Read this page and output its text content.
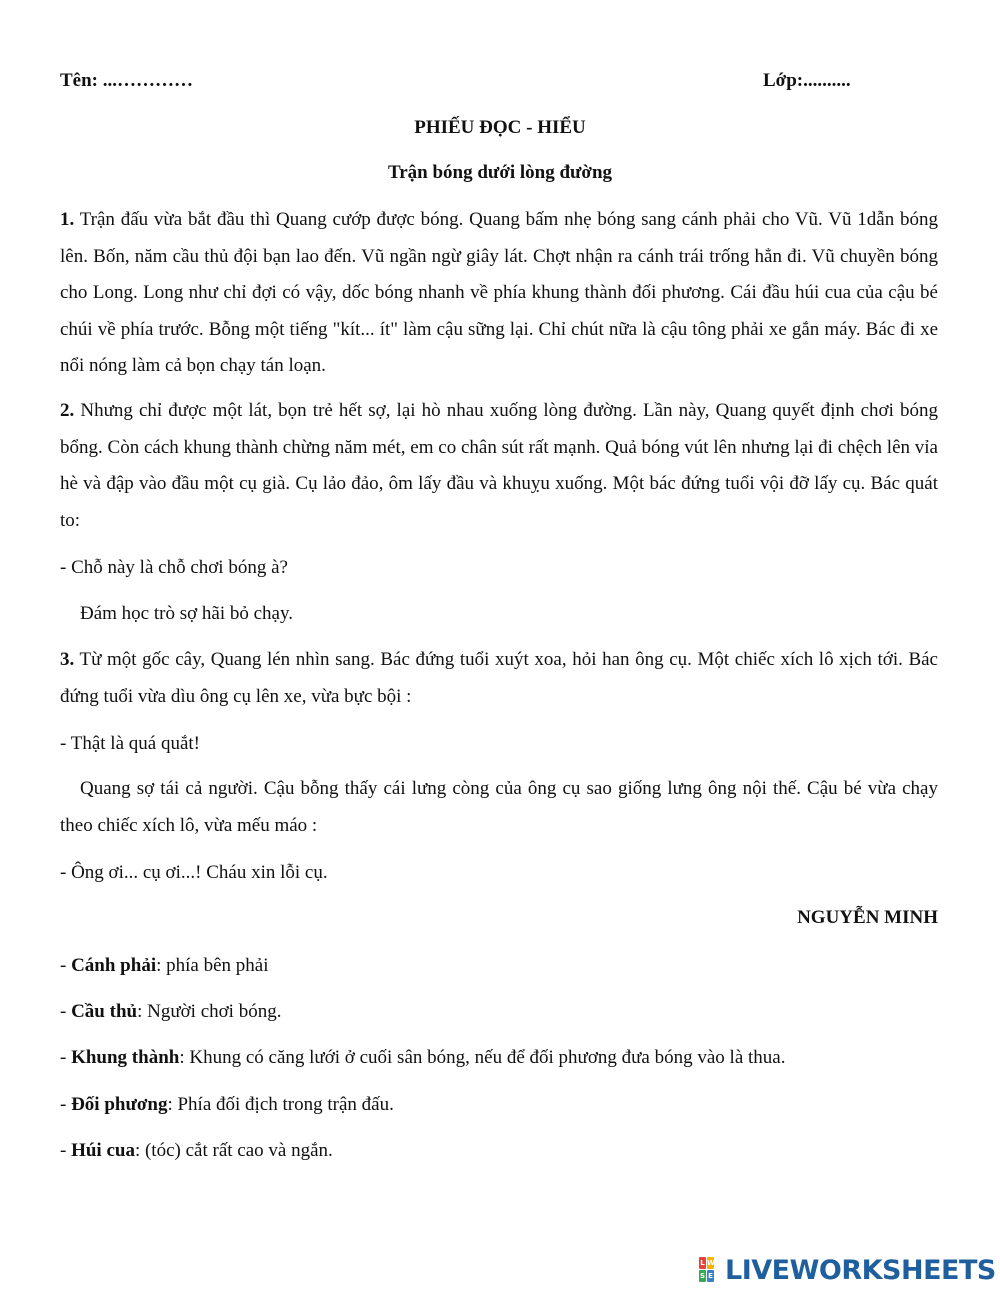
Tên: ...…………	Lớp:..........
PHIẾU ĐỌC - HIỂU
Trận bóng dưới lòng đường
1. Trận đấu vừa bắt đầu thì Quang cướp được bóng. Quang bấm nhẹ bóng sang cánh phải cho Vũ. Vũ 1dẫn bóng lên. Bốn, năm cầu thủ đội bạn lao đến. Vũ ngần ngừ giây lát. Chợt nhận ra cánh trái trống hẳn đi. Vũ chuyền bóng cho Long. Long như chỉ đợi có vậy, dốc bóng nhanh về phía khung thành đối phương. Cái đầu húi cua của cậu bé chúi về phía trước. Bỗng một tiếng "kít... ít" làm cậu sững lại. Chỉ chút nữa là cậu tông phải xe gắn máy. Bác đi xe nổi nóng làm cả bọn chạy tán loạn.
2. Nhưng chỉ được một lát, bọn trẻ hết sợ, lại hò nhau xuống lòng đường. Lần này, Quang quyết định chơi bóng bổng. Còn cách khung thành chừng năm mét, em co chân sút rất mạnh. Quả bóng vút lên nhưng lại đi chệch lên vỉa hè và đập vào đầu một cụ già. Cụ lảo đảo, ôm lấy đầu và khuỵu xuống. Một bác đứng tuổi vội đỡ lấy cụ. Bác quát to:
- Chỗ này là chỗ chơi bóng à?
Đám học trò sợ hãi bỏ chạy.
3. Từ một gốc cây, Quang lén nhìn sang. Bác đứng tuổi xuýt xoa, hỏi han ông cụ. Một chiếc xích lô xịch tới. Bác đứng tuổi vừa dìu ông cụ lên xe, vừa bực bội :
- Thật là quá quắt!
Quang sợ tái cả người. Cậu bỗng thấy cái lưng còng của ông cụ sao giống lưng ông nội thế. Cậu bé vừa chạy theo chiếc xích lô, vừa mếu máo :
- Ông ơi... cụ ơi...! Cháu xin lỗi cụ.
NGUYỄN MINH
- Cánh phải: phía bên phải
- Cầu thủ: Người chơi bóng.
- Khung thành: Khung có căng lưới ở cuối sân bóng, nếu để đối phương đưa bóng vào là thua.
- Đối phương: Phía đối địch trong trận đấu.
- Húi cua: (tóc) cắt rất cao và ngắn.
L W
S E LIVEWORKSHEETS
